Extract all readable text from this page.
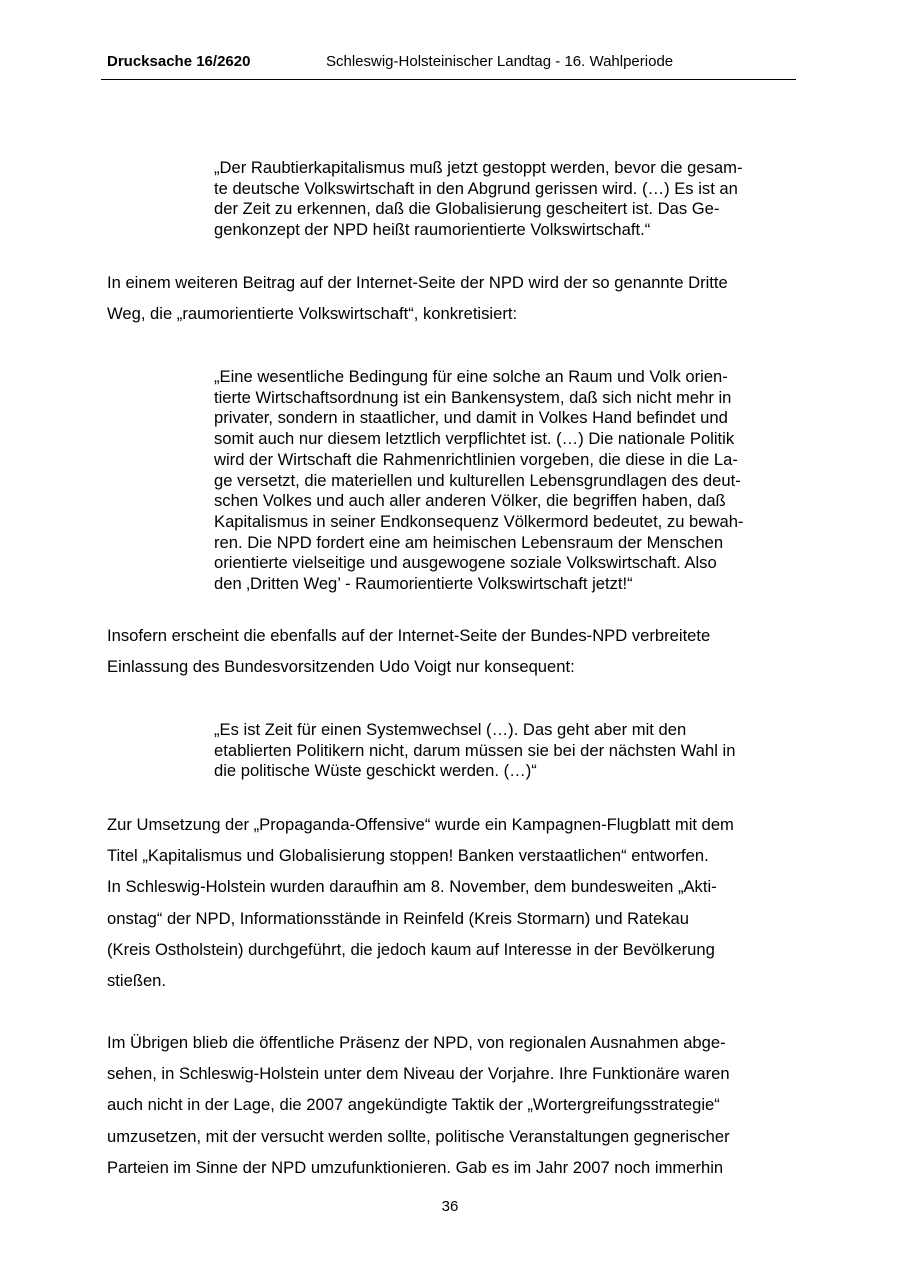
Drucksache 16/2620	Schleswig-Holsteinischer Landtag - 16. Wahlperiode
„Der Raubtierkapitalismus muß jetzt gestoppt werden, bevor die gesam-
te deutsche Volkswirtschaft in den Abgrund gerissen wird. (…) Es ist an
der Zeit zu erkennen, daß die Globalisierung gescheitert ist. Das Ge-
genkonzept der NPD heißt raumorientierte Volkswirtschaft.“
In einem weiteren Beitrag auf der Internet-Seite der NPD wird der so genannte Dritte
Weg, die „raumorientierte Volkswirtschaft“, konkretisiert:
„Eine wesentliche Bedingung für eine solche an Raum und Volk orien-
tierte Wirtschaftsordnung ist ein Bankensystem, daß sich nicht mehr in
privater, sondern in staatlicher, und damit in Volkes Hand befindet und
somit auch nur diesem letztlich verpflichtet ist. (…) Die nationale Politik
wird der Wirtschaft die Rahmenrichtlinien vorgeben, die diese in die La-
ge versetzt, die materiellen und kulturellen Lebensgrundlagen des deut-
schen Volkes und auch aller anderen Völker, die begriffen haben, daß
Kapitalismus in seiner Endkonsequenz Völkermord bedeutet, zu bewah-
ren. Die NPD fordert eine am heimischen Lebensraum der Menschen
orientierte vielseitige und ausgewogene soziale Volkswirtschaft. Also
den ‚Dritten Weg’ - Raumorientierte Volkswirtschaft jetzt!“
Insofern erscheint die ebenfalls auf der Internet-Seite der Bundes-NPD verbreitete
Einlassung des Bundesvorsitzenden Udo Voigt nur konsequent:
„Es ist Zeit für einen Systemwechsel (…). Das geht aber mit den
etablierten Politikern nicht, darum müssen sie bei der nächsten Wahl in
die politische Wüste geschickt werden. (…)“
Zur Umsetzung der „Propaganda-Offensive“ wurde ein Kampagnen-Flugblatt mit dem
Titel „Kapitalismus und Globalisierung stoppen! Banken verstaatlichen“ entworfen.
In Schleswig-Holstein wurden daraufhin am 8. November, dem bundesweiten „Akti-
onstag“ der NPD, Informationsstände in Reinfeld (Kreis Stormarn) und Ratekau
(Kreis Ostholstein) durchgeführt, die jedoch kaum auf Interesse in der Bevölkerung
stießen.
Im Übrigen blieb die öffentliche Präsenz der NPD, von regionalen Ausnahmen abge-
sehen, in Schleswig-Holstein unter dem Niveau der Vorjahre. Ihre Funktionäre waren
auch nicht in der Lage, die 2007 angekündigte Taktik der „Wortergreifungsstrategie“
umzusetzen, mit der versucht werden sollte, politische Veranstaltungen gegnerischer
Parteien im Sinne der NPD umzufunktionieren. Gab es im Jahr 2007 noch immerhin
36
